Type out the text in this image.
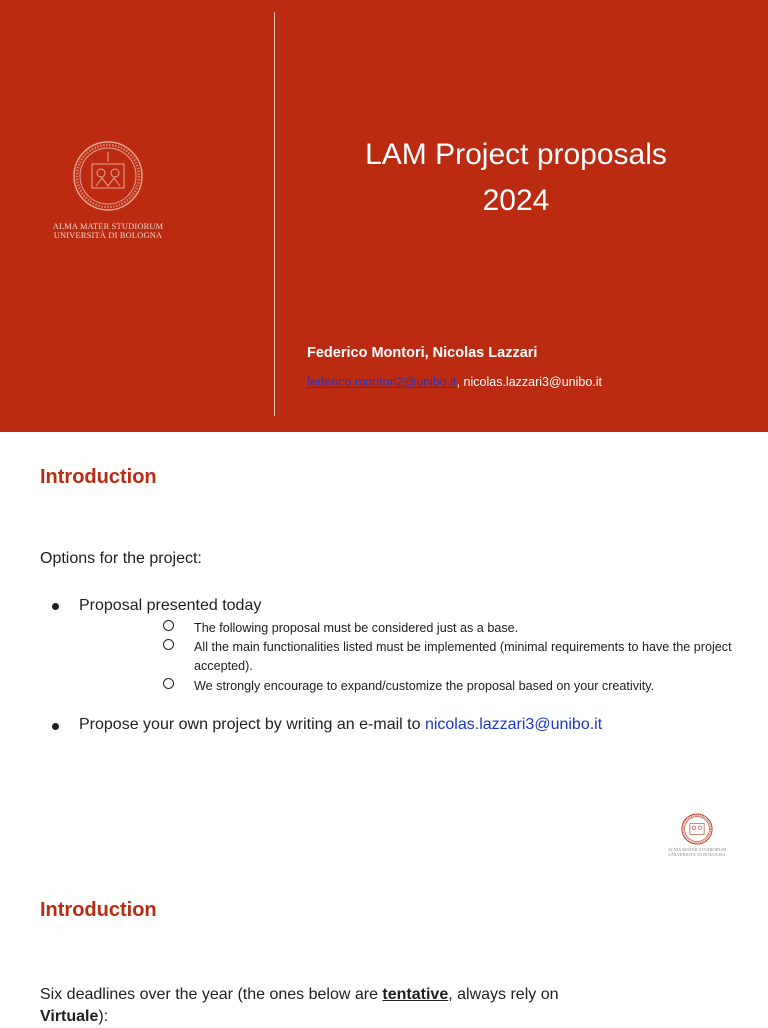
ALMA MATER STUDIORUM
UNIVERSITÀ DI BOLOGNA
LAM Project proposals
2024
Federico Montori, Nicolas Lazzari
federico.montori2@unibo.it, nicolas.lazzari3@unibo.it
Introduction
Options for the project:
Proposal presented today
The following proposal must be considered just as a base.
All the main functionalities listed must be implemented (minimal requirements to have the project accepted).
We strongly encourage to expand/customize the proposal based on your creativity.
Propose your own project by writing an e-mail to nicolas.lazzari3@unibo.it
ALMA MATER STUDIORUM
UNIVERSITÀ DI BOLOGNA
Introduction
Six deadlines over the year (the ones below are tentative, always rely on
Virtuale):
